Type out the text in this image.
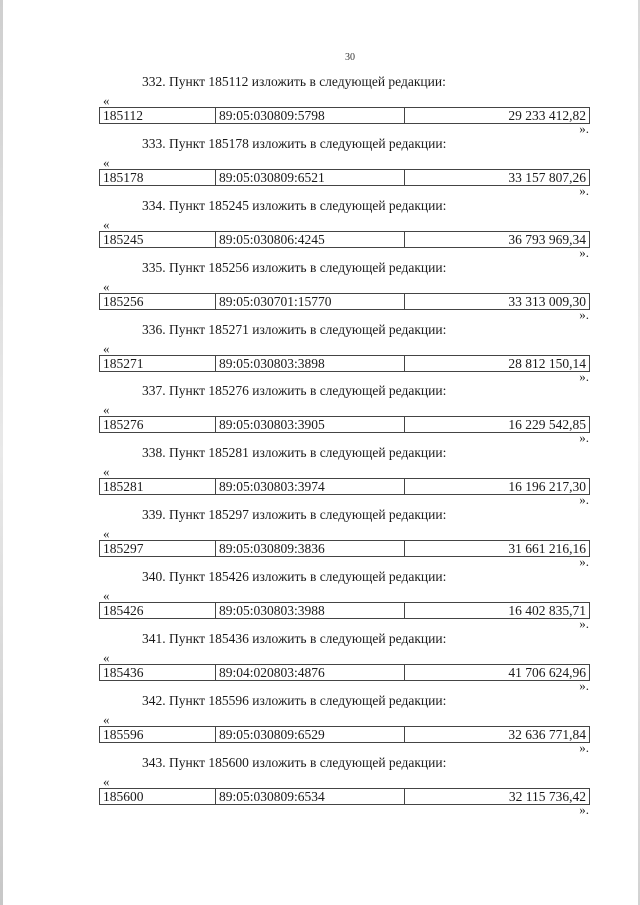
30
332. Пункт 185112 изложить в следующей редакции:
«
185112	89:05:030809:5798	29 233 412,82
».
333. Пункт 185178 изложить в следующей редакции:
«
185178	89:05:030809:6521	33 157 807,26
».
334. Пункт 185245 изложить в следующей редакции:
«
185245	89:05:030806:4245	36 793 969,34
».
335. Пункт 185256 изложить в следующей редакции:
«
185256	89:05:030701:15770	33 313 009,30
».
336. Пункт 185271 изложить в следующей редакции:
«
185271	89:05:030803:3898	28 812 150,14
».
337. Пункт 185276 изложить в следующей редакции:
«
185276	89:05:030803:3905	16 229 542,85
».
338. Пункт 185281 изложить в следующей редакции:
«
185281	89:05:030803:3974	16 196 217,30
».
339. Пункт 185297 изложить в следующей редакции:
«
185297	89:05:030809:3836	31 661 216,16
».
340. Пункт 185426 изложить в следующей редакции:
«
185426	89:05:030803:3988	16 402 835,71
».
341. Пункт 185436 изложить в следующей редакции:
«
185436	89:04:020803:4876	41 706 624,96
».
342. Пункт 185596 изложить в следующей редакции:
«
185596	89:05:030809:6529	32 636 771,84
».
343. Пункт 185600 изложить в следующей редакции:
«
185600	89:05:030809:6534	32 115 736,42
».
